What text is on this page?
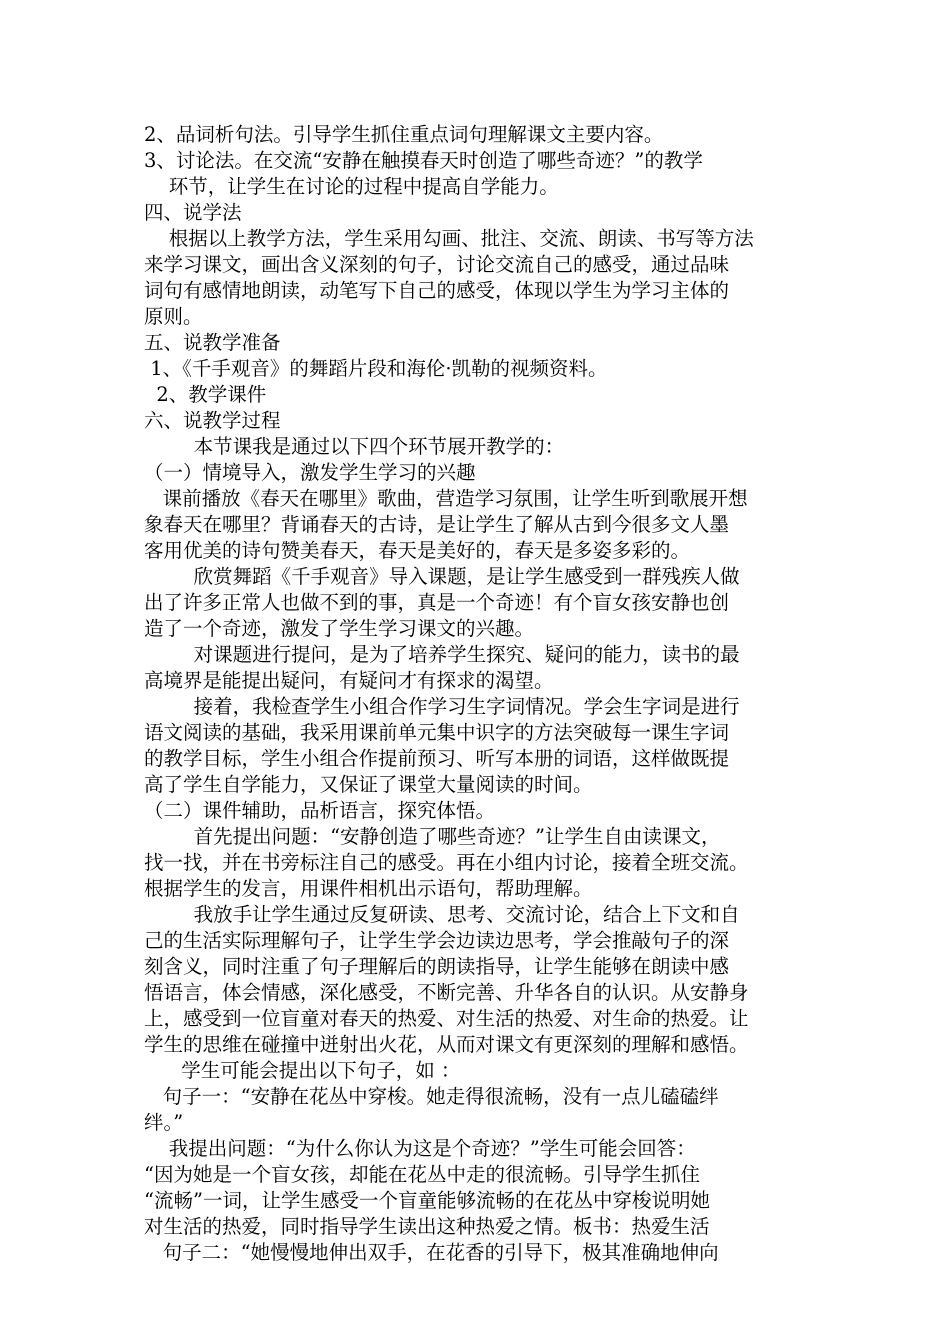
2、品词析句法。引导学生抓住重点词句理解课文主要内容。
3、讨论法。在交流“安静在触摸春天时创造了哪些奇迹？”的教学
环节，让学生在讨论的过程中提高自学能力。
四、说学法
根据以上教学方法，学生采用勾画、批注、交流、朗读、书写等方法
来学习课文，画出含义深刻的句子，讨论交流自己的感受，通过品味
词句有感情地朗读，动笔写下自己的感受，体现以学生为学习主体的
原则。
五、说教学准备
1、《千手观音》的舞蹈片段和海伦·凯勒的视频资料。
2、教学课件
六、说教学过程
本节课我是通过以下四个环节展开教学的：
（一）情境导入，激发学生学习的兴趣
课前播放《春天在哪里》歌曲，营造学习氛围，让学生听到歌展开想
象春天在哪里？背诵春天的古诗，是让学生了解从古到今很多文人墨
客用优美的诗句赞美春天，春天是美好的，春天是多姿多彩的。
欣赏舞蹈《千手观音》导入课题，是让学生感受到一群残疾人做
出了许多正常人也做不到的事，真是一个奇迹！有个盲女孩安静也创
造了一个奇迹，激发了学生学习课文的兴趣。
对课题进行提问，是为了培养学生探究、疑问的能力，读书的最
高境界是能提出疑问，有疑问才有探求的渴望。
接着，我检查学生小组合作学习生字词情况。学会生字词是进行
语文阅读的基础，我采用课前单元集中识字的方法突破每一课生字词
的教学目标，学生小组合作提前预习、听写本册的词语，这样做既提
高了学生自学能力，又保证了课堂大量阅读的时间。
（二）课件辅助，品析语言，探究体悟。
首先提出问题：“安静创造了哪些奇迹？”让学生自由读课文，
找一找，并在书旁标注自己的感受。再在小组内讨论，接着全班交流。
根据学生的发言，用课件相机出示语句，帮助理解。
我放手让学生通过反复研读、思考、交流讨论，结合上下文和自
己的生活实际理解句子，让学生学会边读边思考，学会推敲句子的深
刻含义，同时注重了句子理解后的朗读指导，让学生能够在朗读中感
悟语言，体会情感，深化感受，不断完善、升华各自的认识。从安静身
上，感受到一位盲童对春天的热爱、对生活的热爱、对生命的热爱。让
学生的思维在碰撞中迸射出火花，从而对课文有更深刻的理解和感悟。
学生可能会提出以下句子，如 ：
句子一：“安静在花丛中穿梭。她走得很流畅，没有一点儿磕磕绊
绊。”
我提出问题：“为什么你认为这是个奇迹？”学生可能会回答：
“因为她是一个盲女孩，却能在花丛中走的很流畅。引导学生抓住
“流畅”一词，让学生感受一个盲童能够流畅的在花丛中穿梭说明她
对生活的热爱，同时指导学生读出这种热爱之情。板书：热爱生活
句子二：“她慢慢地伸出双手，在花香的引导下，极其准确地伸向
